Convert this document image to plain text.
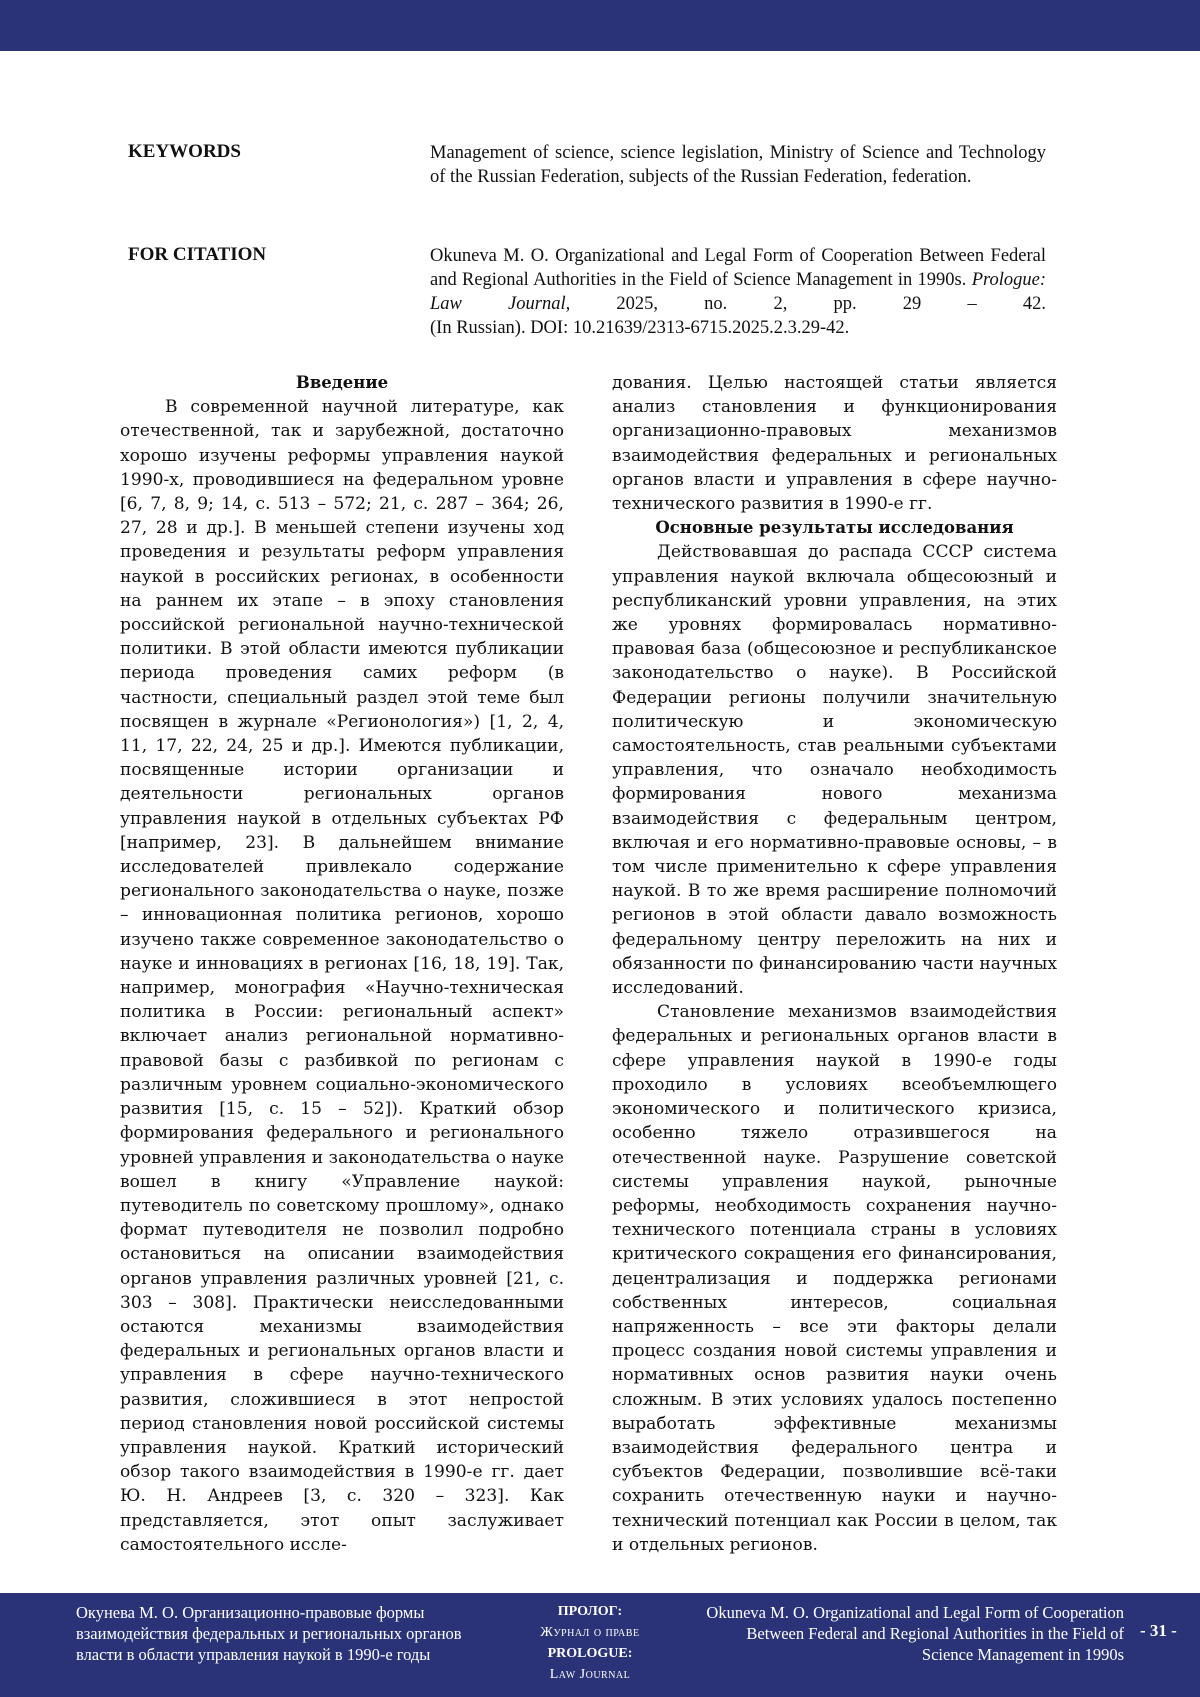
KEYWORDS	Management of science, science legislation, Ministry of Science and Technology of the Russian Federation, subjects of the Russian Federation, federation.
FOR CITATION	Okuneva M. O. Organizational and Legal Form of Cooperation Between Federal and Regional Authorities in the Field of Science Management in 1990s. Prologue: Law Journal, 2025, no. 2, pp. 29 – 42.
(In Russian). DOI: 10.21639/2313-6715.2025.2.3.29-42.

Введение

В современной научной литературе, как отечественной, так и зарубежной, достаточно хорошо изучены реформы управления наукой 1990-х, проводившиеся на федеральном уровне [6, 7, 8, 9; 14, с. 513 – 572; 21, с. 287 – 364; 26, 27, 28 и др.]. В меньшей степени изучены ход проведения и результаты реформ управления наукой в российских регионах, в особенности на раннем их этапе – в эпоху становления российской региональной научно-технической политики. В этой области имеются публикации периода проведения самих реформ (в частности, специальный раздел этой теме был посвящен в журнале «Регионология») [1, 2, 4, 11, 17, 22, 24, 25 и др.]. Имеются публикации, посвященные истории организации и деятельности региональных органов управления наукой в отдельных субъектах РФ [например, 23]. В дальнейшем внимание исследователей привлекало содержание регионального законодательства о науке, позже – инновационная политика регионов, хорошо изучено также современное законодательство о науке и инновациях в регионах [16, 18, 19]. Так, например, монография «Научно-техническая политика в России: региональный аспект» включает анализ региональной нормативно-правовой базы с разбивкой по регионам с различным уровнем социально-экономического развития [15, с. 15 – 52]). Краткий обзор формирования федерального и регионального уровней управления и законодательства о науке вошел в книгу «Управление наукой: путеводитель по советскому прошлому», однако формат путеводителя не позволил подробно остановиться на описании взаимодействия органов управления различных уровней [21, с. 303 – 308]. Практически неисследованными остаются механизмы взаимодействия федеральных и региональных органов власти и управления в сфере научно-технического развития, сложившиеся в этот непростой период становления новой российской системы управления наукой. Краткий исторический обзор такого взаимодействия в 1990-е гг. дает Ю. Н. Андреев [3, с. 320 – 323]. Как представляется, этот опыт заслуживает самостоятельного иссле-

дования. Целью настоящей статьи является анализ становления и функционирования организационно-правовых механизмов взаимодействия федеральных и региональных органов власти и управления в сфере научно-технического развития в 1990-е гг.

Основные результаты исследования

Действовавшая до распада СССР система управления наукой включала общесоюзный и республиканский уровни управления, на этих же уровнях формировалась нормативно-правовая база (общесоюзное и республиканское законодательство о науке). В Российской Федерации регионы получили значительную политическую и экономическую самостоятельность, став реальными субъектами управления, что означало необходимость формирования нового механизма взаимодействия с федеральным центром, включая и его нормативно-правовые основы, – в том числе применительно к сфере управления наукой. В то же время расширение полномочий регионов в этой области давало возможность федеральному центру переложить на них и обязанности по финансированию части научных исследований.

Становление механизмов взаимодействия федеральных и региональных органов власти в сфере управления наукой в 1990-е годы проходило в условиях всеобъемлющего экономического и политического кризиса, особенно тяжело отразившегося на отечественной науке. Разрушение советской системы управления наукой, рыночные реформы, необходимость сохранения научно-технического потенциала страны в условиях критического сокращения его финансирования, децентрализация и поддержка регионами собственных интересов, социальная напряженность – все эти факторы делали процесс создания новой системы управления и нормативных основ развития науки очень сложным. В этих условиях удалось постепенно выработать эффективные механизмы взаимодействия федерального центра и субъектов Федерации, позволившие всё-таки сохранить отечественную науки и научно-технический потенциал как России в целом, так и отдельных регионов.

Окунева М. О. Организационно-правовые формы взаимодействия федеральных и региональных органов власти в области управления наукой в 1990-е годы
ПРОЛОГ:
Журнал о праве
PROLOGUE:
Law Journal
Okuneva M. O. Organizational and Legal Form of Cooperation Between Federal and Regional Authorities in the Field of Science Management in 1990s
- 31 -
